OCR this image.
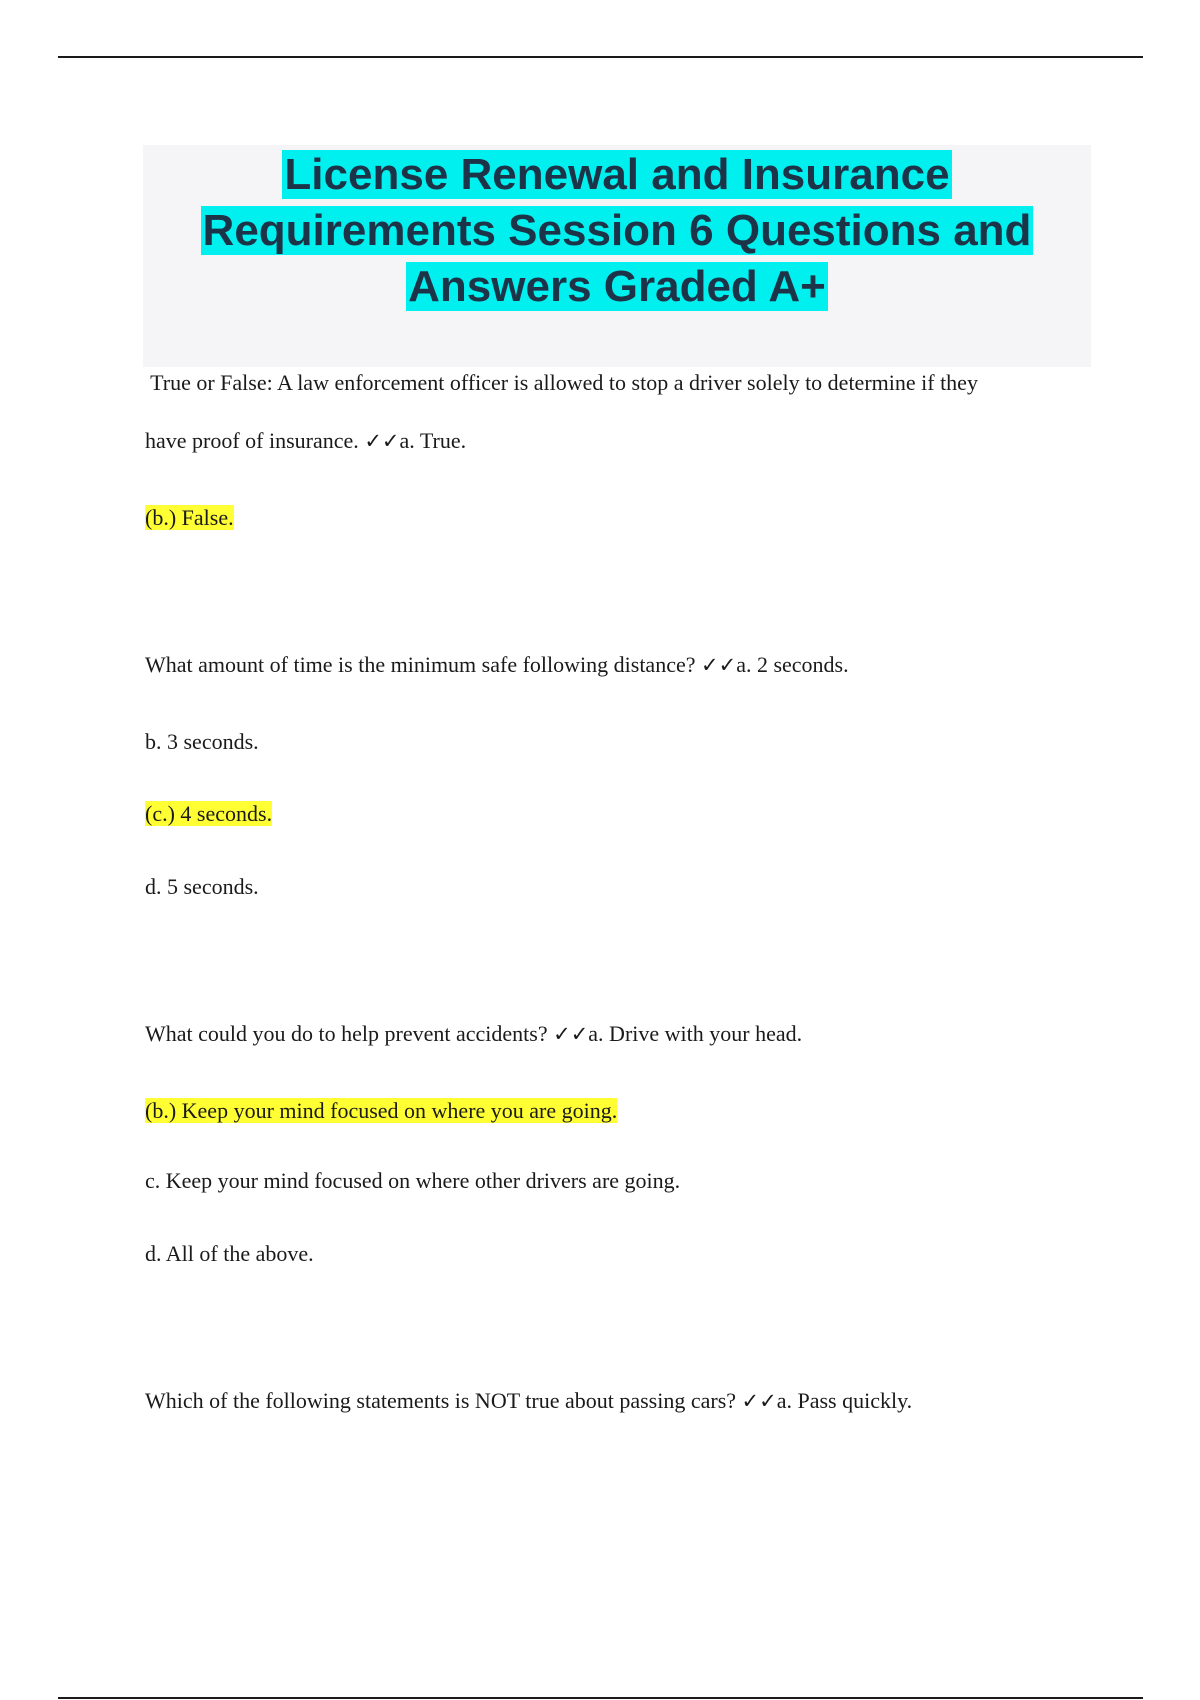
License Renewal and Insurance
Requirements Session 6 Questions and
Answers Graded A+

True or False: A law enforcement officer is allowed to stop a driver solely to determine if they

have proof of insurance. ✓✓a. True.

(b.) False.

What amount of time is the minimum safe following distance? ✓✓a. 2 seconds.

b. 3 seconds.

(c.) 4 seconds.

d. 5 seconds.

What could you do to help prevent accidents? ✓✓a. Drive with your head.

(b.) Keep your mind focused on where you are going.

c. Keep your mind focused on where other drivers are going.

d. All of the above.

Which of the following statements is NOT true about passing cars? ✓✓a. Pass quickly.
